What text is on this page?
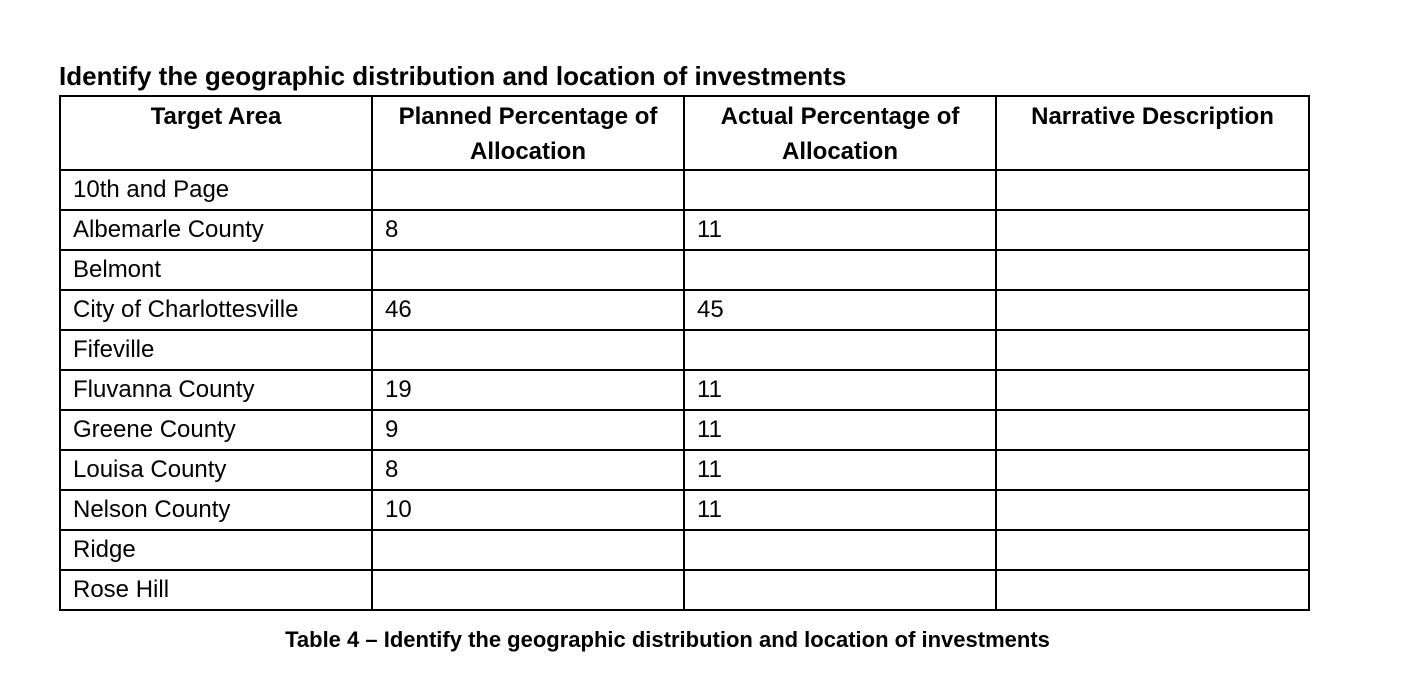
Identify the geographic distribution and location of investments
Target Area	Planned Percentage of Allocation	Actual Percentage of Allocation	Narrative Description
10th and Page			
Albemarle County	8	11	
Belmont			
City of Charlottesville	46	45	
Fifeville			
Fluvanna County	19	11	
Greene County	9	11	
Louisa County	8	11	
Nelson County	10	11	
Ridge			
Rose Hill			
Table 4 – Identify the geographic distribution and location of investments
